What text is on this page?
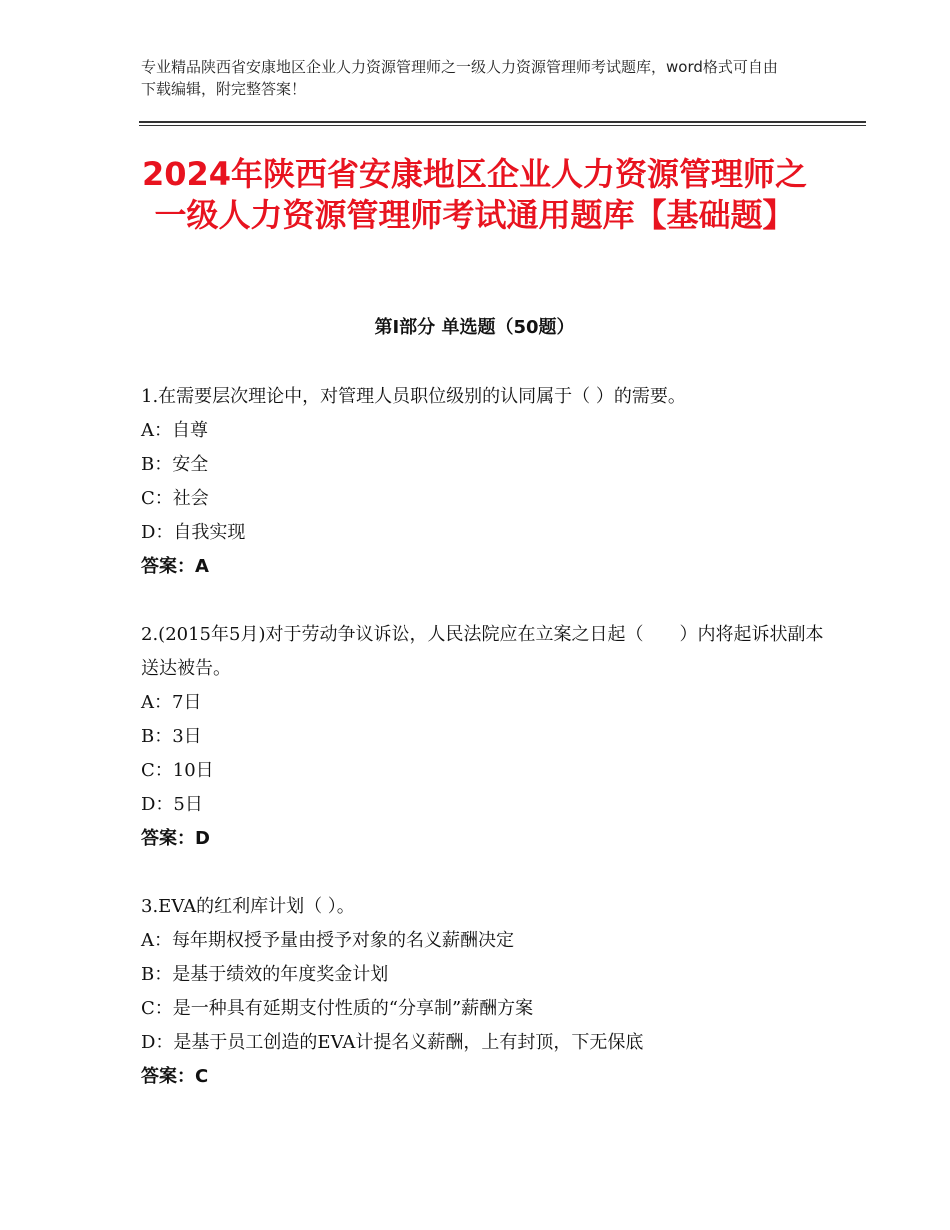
专业精品陕西省安康地区企业人力资源管理师之一级人力资源管理师考试题库，word格式可自由下载编辑，附完整答案！
2024年陕西省安康地区企业人力资源管理师之一级人力资源管理师考试通用题库【基础题】
第Ⅰ部分 单选题（50题）
1.在需要层次理论中，对管理人员职位级别的认同属于（ ）的需要。
A：自尊
B：安全
C：社会
D：自我实现
答案：A
2.(2015年5月)对于劳动争议诉讼，人民法院应在立案之日起（　　）内将起诉状副本送达被告。
A：7日
B：3日
C：10日
D：5日
答案：D
3.EVA的红利库计划（ ）。
A：每年期权授予量由授予对象的名义薪酬决定
B：是基于绩效的年度奖金计划
C：是一种具有延期支付性质的“分享制”薪酬方案
D：是基于员工创造的EVA计提名义薪酬，上有封顶，下无保底
答案：C
